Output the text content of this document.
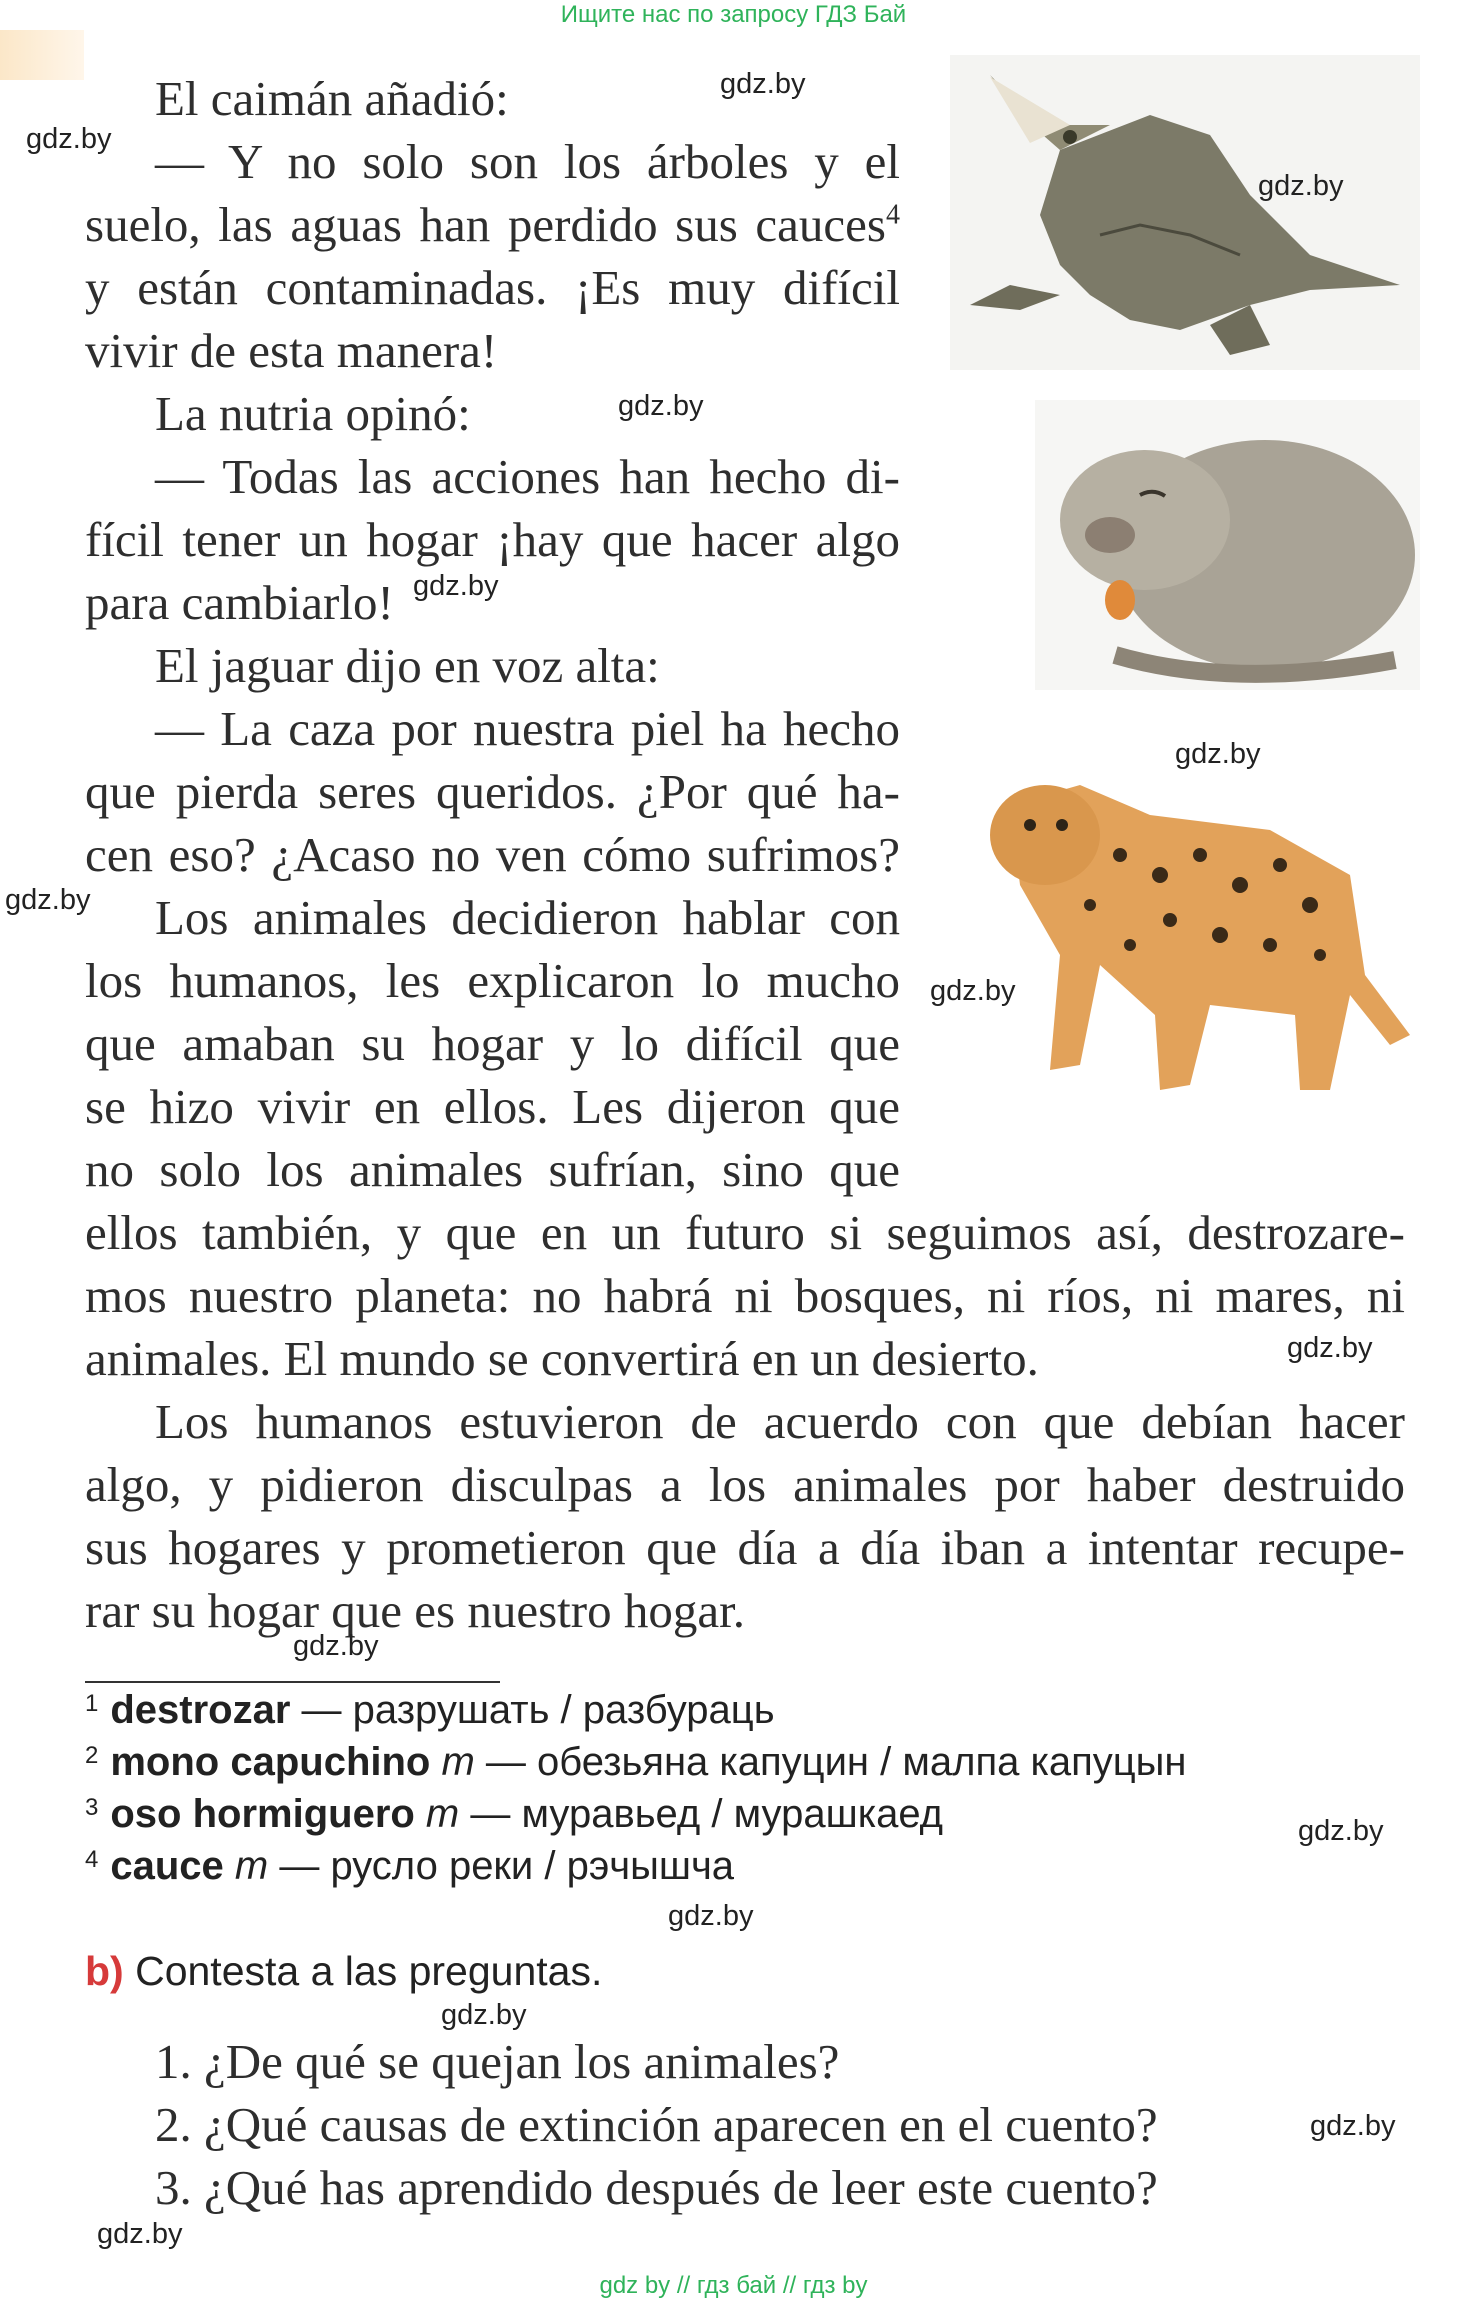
Ищите нас по запросу ГДЗ Бай
El caimán añadió:
— Y no solo son los árboles y el
suelo, las aguas han perdido sus cauces$^4$
y están contaminadas. ¡Es muy difícil
vivir de esta manera!
La nutria opinó:
— Todas las acciones han hecho di-
fícil tener un hogar ¡hay que hacer algo
para cambiarlo!
El jaguar dijo en voz alta:
— La caza por nuestra piel ha hecho
que pierda seres queridos. ¿Por qué ha-
cen eso? ¿Acaso no ven cómo sufrimos?
Los animales decidieron hablar con
los humanos, les explicaron lo mucho
que amaban su hogar y lo difícil que
se hizo vivir en ellos. Les dijeron que
no solo los animales sufrían, sino que
ellos también, y que en un futuro si seguimos así, destrozare-
mos nuestro planeta: no habrá ni bosques, ni ríos, ni mares, ni
animales. El mundo se convertirá en un desierto.
Los humanos estuvieron de acuerdo con que debían hacer
algo, y pidieron disculpas a los animales por haber destruido
sus hogares y prometieron que día a día iban a intentar recupe-
rar su hogar que es nuestro hogar.
$^1$ destrozar — разрушать / разбураць
$^2$ mono capuchino m — обезьяна капуцин / малпа капуцын
$^3$ oso hormiguero m — муравьед / мурашкаед
$^4$ cauce m — русло реки / рэчышча
b) Contesta a las preguntas.
1. ¿De qué se quejan los animales?
2. ¿Qué causas de extinción aparecen en el cuento?
3. ¿Qué has aprendido después de leer este cuento?
gdz.by
gdz.by
gdz.by
gdz.by
gdz.by
gdz.by
gdz.by
gdz.by
gdz.by
gdz.by
gdz.by
gdz.by
gdz.by
gdz.by
gdz.by
gdz by // гдз бай // гдз by
